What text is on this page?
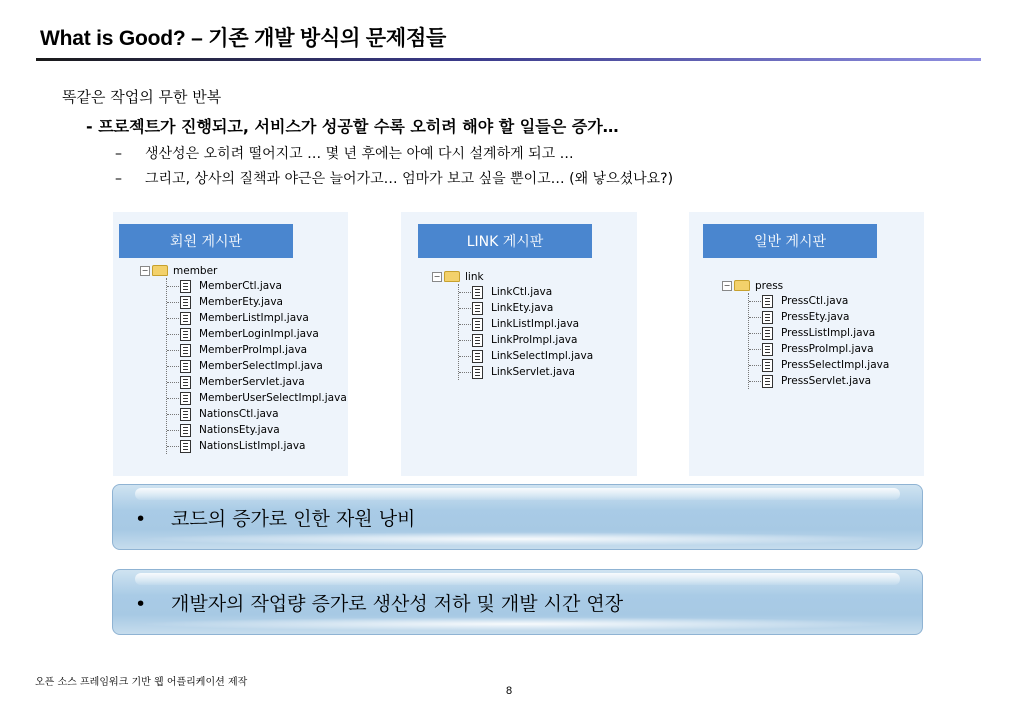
What is Good? – 기존 개발 방식의 문제점들
똑같은 작업의 무한 반복
- 프로젝트가 진행되고, 서비스가 성공할 수록 오히려 해야 할 일들은 증가…
– 생산성은 오히려 떨어지고 … 몇 년 후에는 아예 다시 설계하게 되고 …
– 그리고, 상사의 질책과 야근은 늘어가고… 엄마가 보고 싶을 뿐이고… (왜 낳으셨나요?)
회원 게시판
− member
MemberCtl.java
MemberEty.java
MemberListImpl.java
MemberLoginImpl.java
MemberProImpl.java
MemberSelectImpl.java
MemberServlet.java
MemberUserSelectImpl.java
NationsCtl.java
NationsEty.java
NationsListImpl.java
LINK 게시판
− link
LinkCtl.java
LinkEty.java
LinkListImpl.java
LinkProImpl.java
LinkSelectImpl.java
LinkServlet.java
일반 게시판
− press
PressCtl.java
PressEty.java
PressListImpl.java
PressProImpl.java
PressSelectImpl.java
PressServlet.java
• 코드의 증가로 인한 자원 낭비
• 개발자의 작업량 증가로 생산성 저하 및 개발 시간 연장
오픈 소스 프레임워크 기반 웹 어플리케이션 제작
8
